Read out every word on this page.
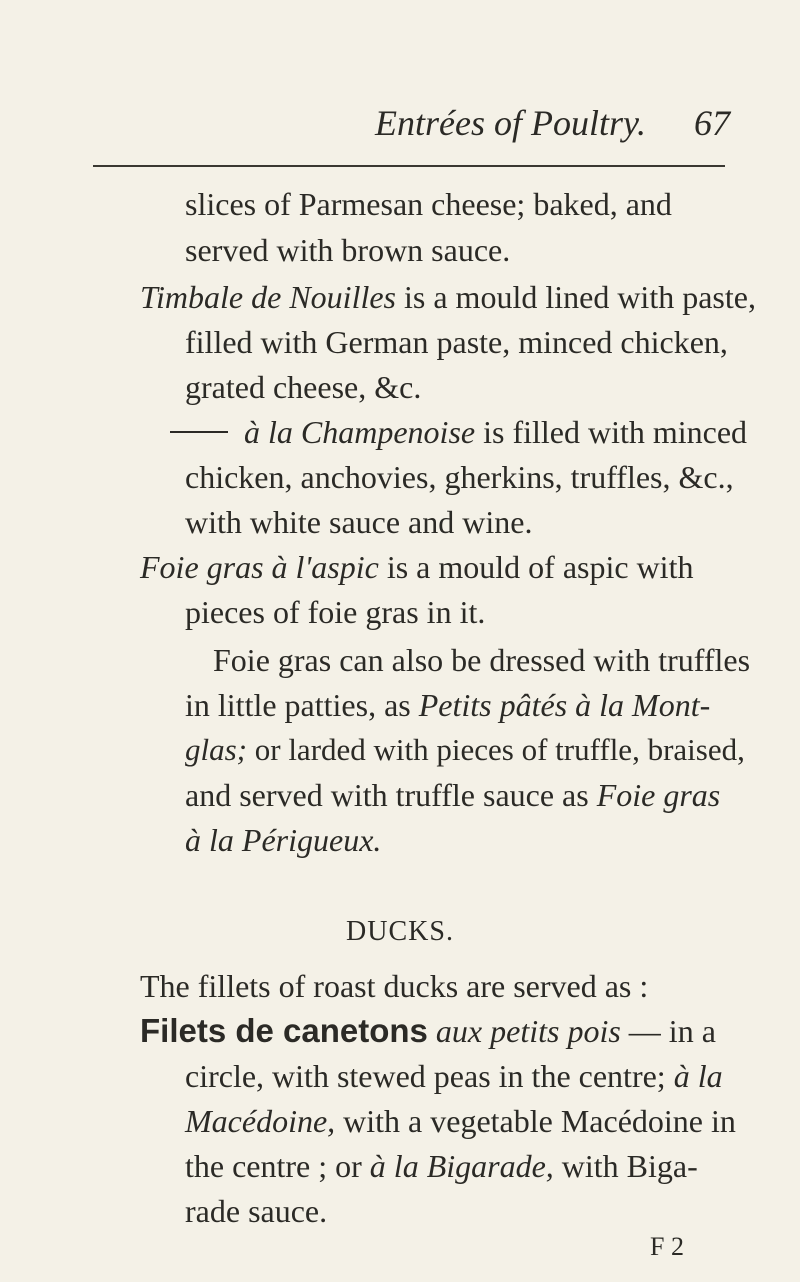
Entrées of Poultry. 67
slices of Parmesan cheese; baked, and
served with brown sauce.
Timbale de Nouilles is a mould lined with paste,
filled with German paste, minced chicken,
grated cheese, &c.
à la Champenoise is filled with minced
chicken, anchovies, gherkins, truffles, &c.,
with white sauce and wine.
Foie gras à l'aspic is a mould of aspic with
pieces of foie gras in it.
Foie gras can also be dressed with truffles
in little patties, as Petits pâtés à la Mont-
glas; or larded with pieces of truffle, braised,
and served with truffle sauce as Foie gras
à la Périgueux.
DUCKS.
The fillets of roast ducks are served as :
Filets de canetons aux petits pois — in a
circle, with stewed peas in the centre; à la
Macédoine, with a vegetable Macédoine in
the centre ; or à la Bigarade, with Biga-
rade sauce.
F 2
